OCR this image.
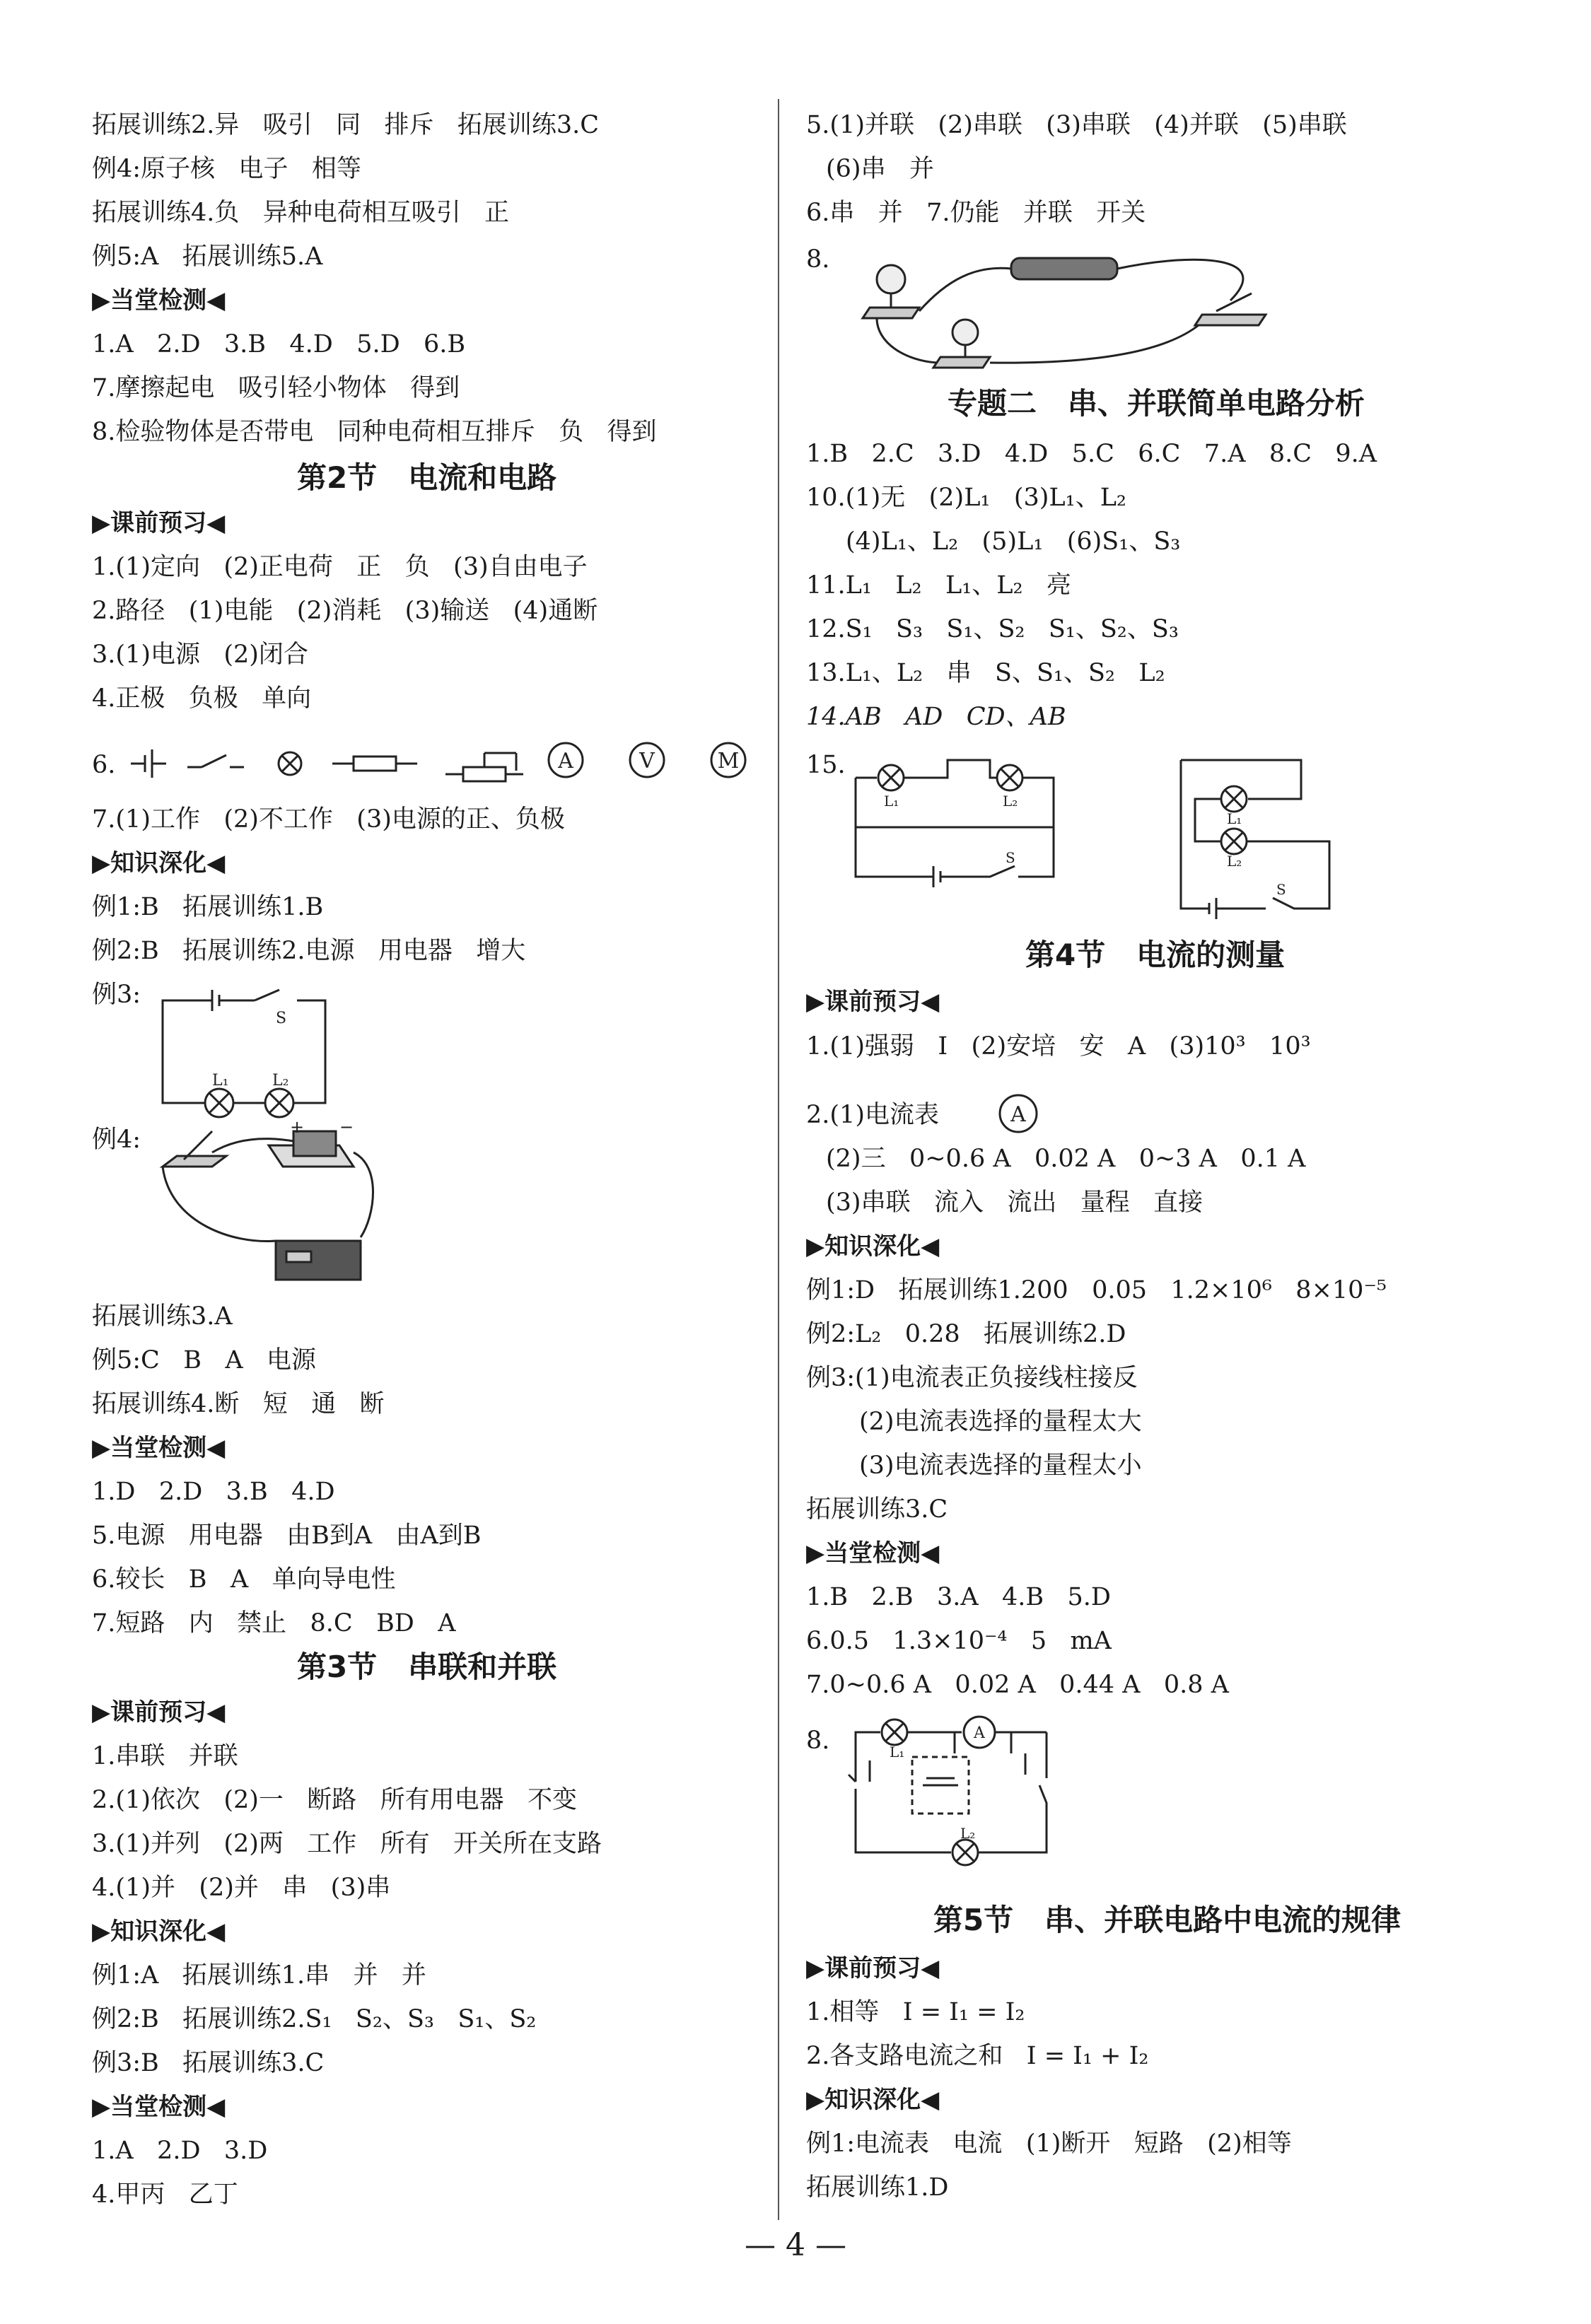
拓展训练2.异   吸引   同   排斥   拓展训练3.C
例4:原子核   电子   相等
拓展训练4.负   异种电荷相互吸引   正
例5:A   拓展训练5.A
▶当堂检测◀
1.A   2.D   3.B   4.D   5.D   6.B
7.摩擦起电   吸引轻小物体   得到
8.检验物体是否带电   同种电荷相互排斥   负   得到
第2节   电流和电路
▶课前预习◀
1.(1)定向   (2)正电荷   正   负   (3)自由电子
2.路径   (1)电能   (2)消耗   (3)输送   (4)通断
3.(1)电源   (2)闭合
4.正极   负极   单向
6.	A	V	M
7.(1)工作   (2)不工作   (3)电源的正、负极
▶知识深化◀
例1:B   拓展训练1.B
例2:B   拓展训练2.电源   用电器   增大
例3:
S
L₁	L₂
例4:	+ −
拓展训练3.A
例5:C   B   A   电源
拓展训练4.断   短   通   断
▶当堂检测◀
1.D   2.D   3.B   4.D
5.电源   用电器   由B到A   由A到B
6.较长   B   A   单向导电性
7.短路   内   禁止   8.C   BD   A
第3节   串联和并联
▶课前预习◀
1.串联   并联
2.(1)依次   (2)一   断路   所有用电器   不变
3.(1)并列   (2)两   工作   所有   开关所在支路
4.(1)并   (2)并   串   (3)串
▶知识深化◀
例1:A   拓展训练1.串   并   并
例2:B   拓展训练2.S₁   S₂、S₃   S₁、S₂
例3:B   拓展训练3.C
▶当堂检测◀
1.A   2.D   3.D
4.甲丙   乙丁
5.(1)并联   (2)串联   (3)串联   (4)并联   (5)串联
(6)串   并
6.串   并   7.仍能   并联   开关
8.
专题二   串、并联简单电路分析
1.B   2.C   3.D   4.D   5.C   6.C   7.A   8.C   9.A
10.(1)无   (2)L₁   (3)L₁、L₂
(4)L₁、L₂   (5)L₁   (6)S₁、S₃
11.L₁   L₂   L₁、L₂   亮
12.S₁   S₃   S₁、S₂   S₁、S₂、S₃
13.L₁、L₂   串   S、S₁、S₂   L₂
14.AB   AD   CD、AB
15.
L₁	L₂
S
L₁
L₂
S
第4节   电流的测量
▶课前预习◀
1.(1)强弱   I   (2)安培   安   A   (3)10³   10³
2.(1)电流表	A
(2)三   0~0.6 A   0.02 A   0~3 A   0.1 A
(3)串联   流入   流出   量程   直接
▶知识深化◀
例1:D   拓展训练1.200   0.05   1.2×10⁶   8×10⁻⁵
例2:L₂   0.28   拓展训练2.D
例3:(1)电流表正负接线柱接反
(2)电流表选择的量程太大
(3)电流表选择的量程太小
拓展训练3.C
▶当堂检测◀
1.B   2.B   3.A   4.B   5.D
6.0.5   1.3×10⁻⁴   5   mA
7.0~0.6 A   0.02 A   0.44 A   0.8 A
8.	L₁
L₂
A
第5节   串、并联电路中电流的规律
▶课前预习◀
1.相等   I = I₁ = I₂
2.各支路电流之和   I = I₁ + I₂
▶知识深化◀
例1:电流表   电流   (1)断开   短路   (2)相等
拓展训练1.D
— 4 —
